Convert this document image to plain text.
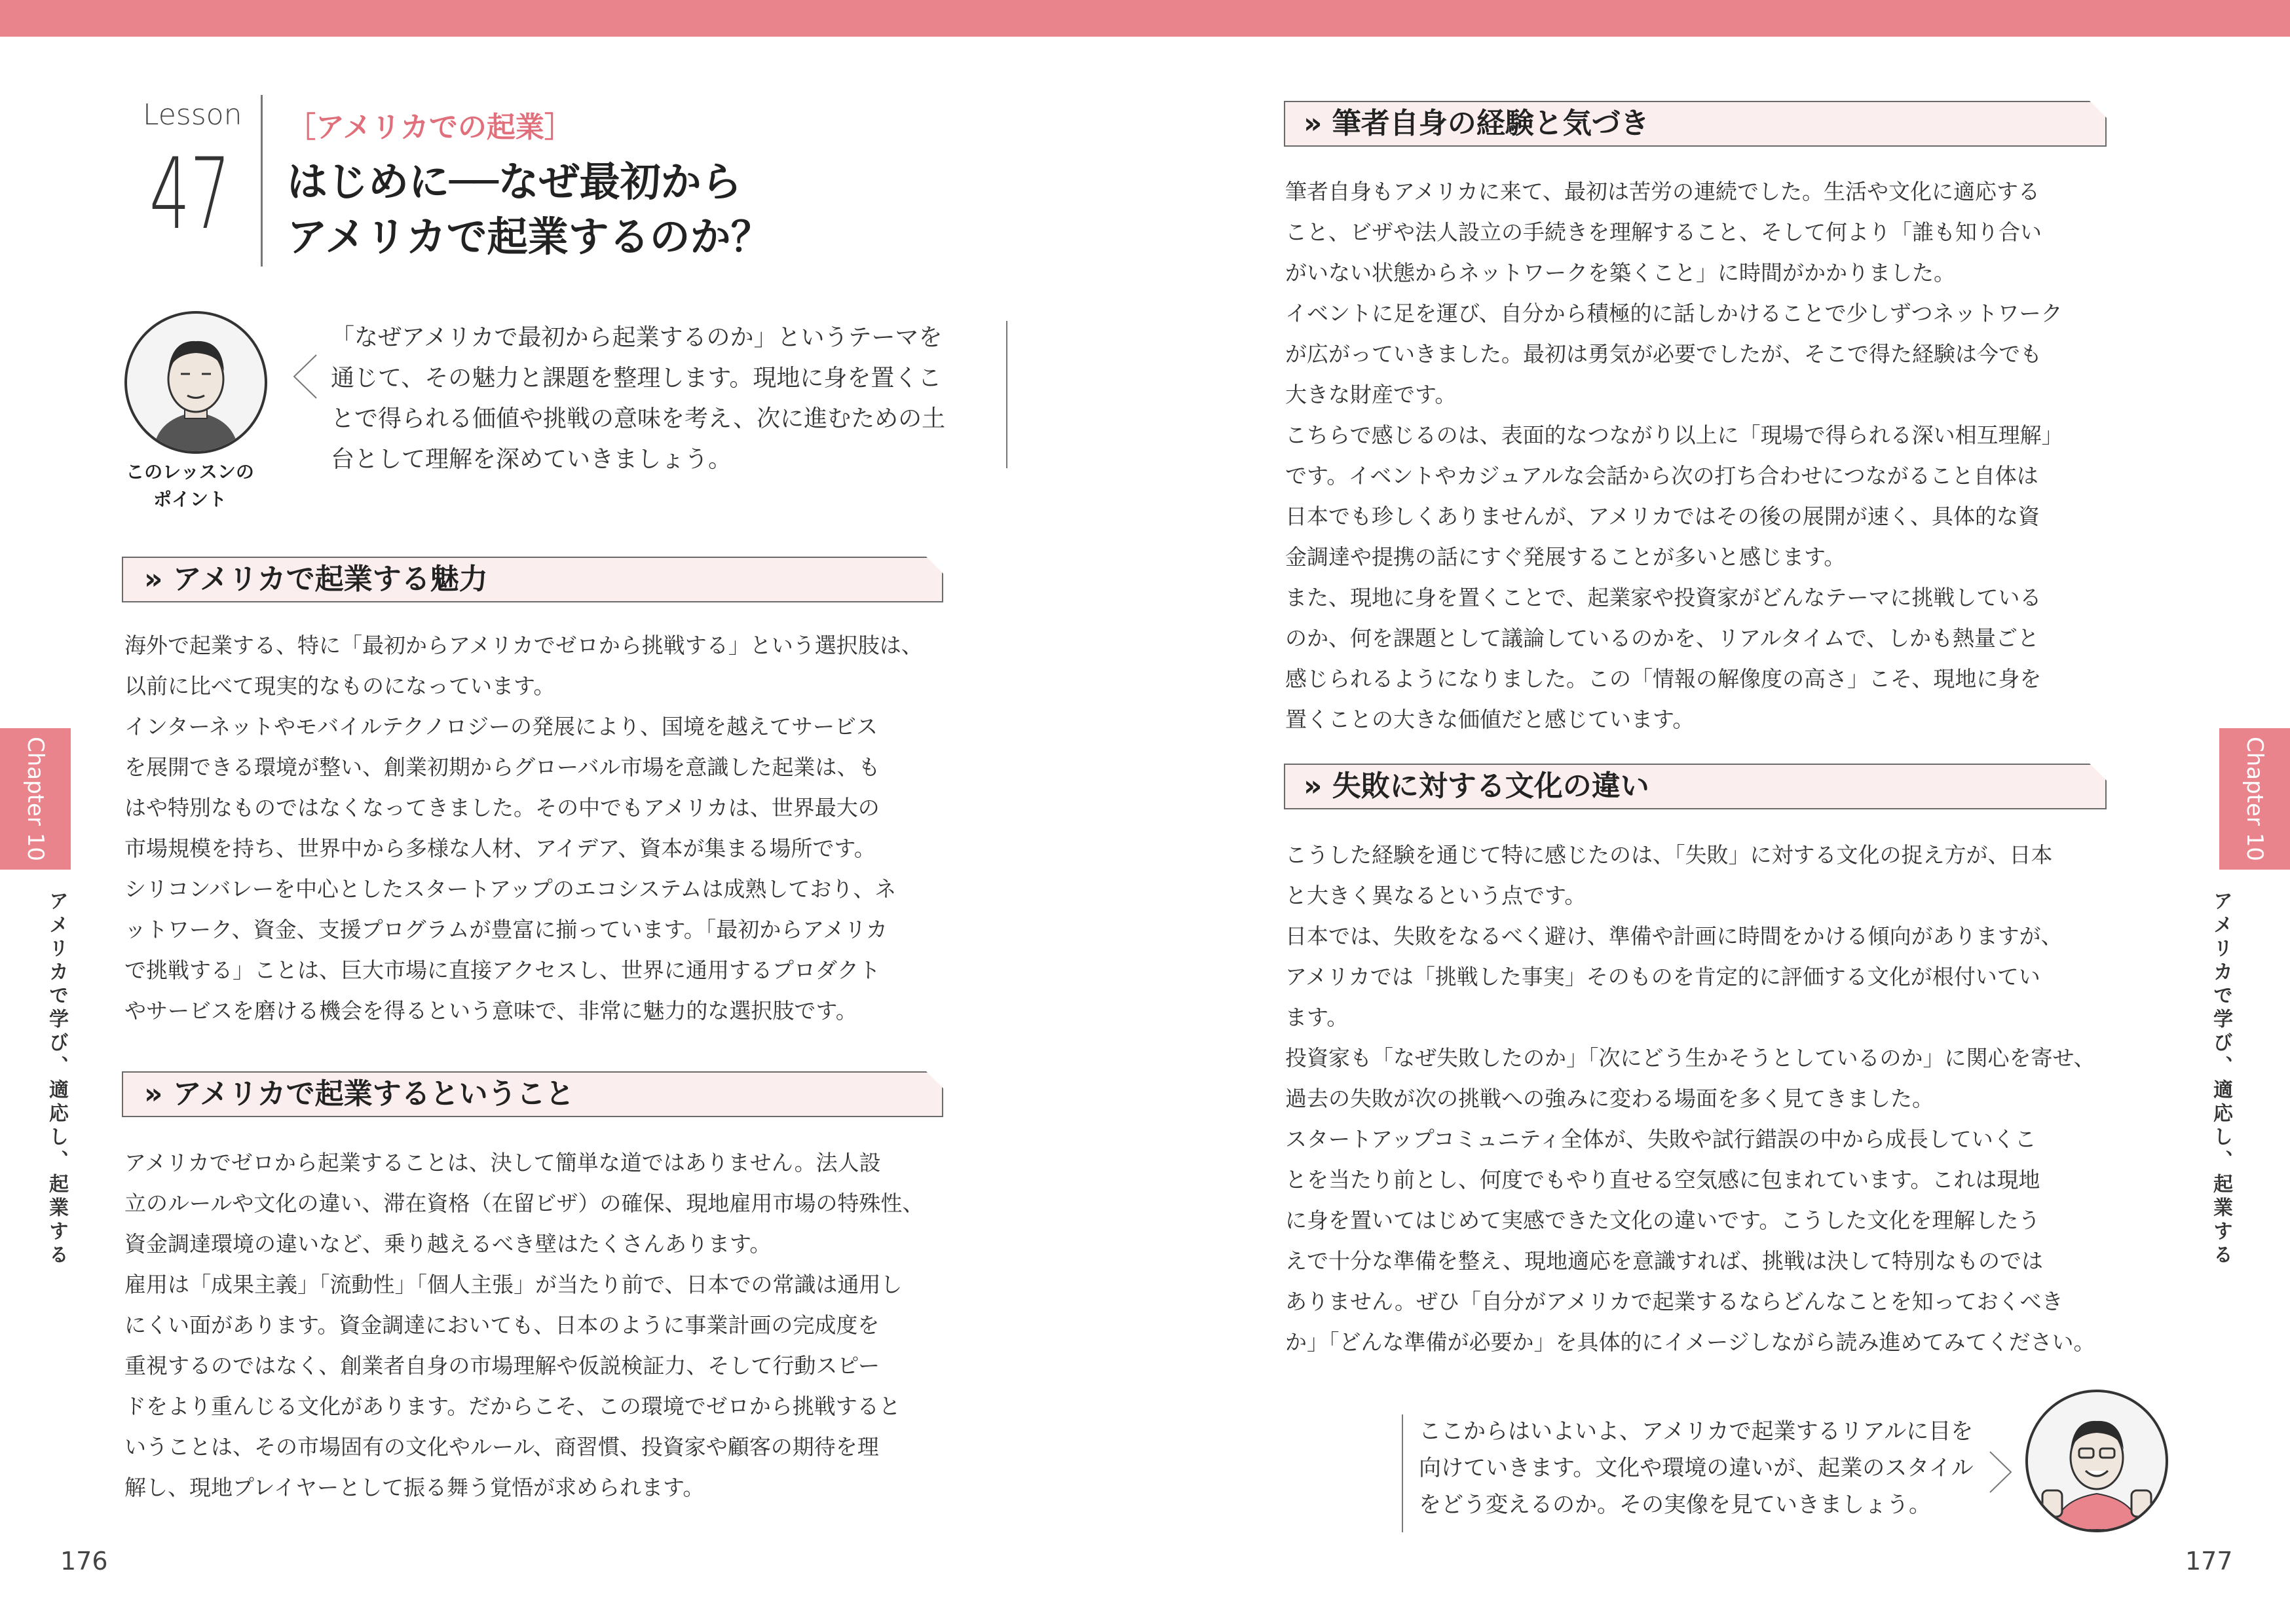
Lesson
47
［アメリカでの起業］
はじめに──なぜ最初から
アメリカで起業するのか？
このレッスンの
ポイント
「なぜアメリカで最初から起業するのか」というテーマを
通じて、その魅力と課題を整理します。現地に身を置くこ
とで得られる価値や挑戦の意味を考え、次に進むための土
台として理解を深めていきましょう。
» アメリカで起業する魅力

海外で起業する、特に「最初からアメリカでゼロから挑戦する」という選択肢は、

以前に比べて現実的なものになっています。

インターネットやモバイルテクノロジーの発展により、国境を越えてサービス

を展開できる環境が整い、創業初期からグローバル市場を意識した起業は、も

はや特別なものではなくなってきました。その中でもアメリカは、世界最大の

市場規模を持ち、世界中から多様な人材、アイデア、資本が集まる場所です。

シリコンバレーを中心としたスタートアップのエコシステムは成熟しており、ネ

ットワーク、資金、支援プログラムが豊富に揃っています。「最初からアメリカ

で挑戦する」ことは、巨大市場に直接アクセスし、世界に通用するプロダクト

やサービスを磨ける機会を得るという意味で、非常に魅力的な選択肢です。

» アメリカで起業するということ

アメリカでゼロから起業することは、決して簡単な道ではありません。法人設

立のルールや文化の違い、滞在資格（在留ビザ）の確保、現地雇用市場の特殊性、

資金調達環境の違いなど、乗り越えるべき壁はたくさんあります。

雇用は「成果主義」「流動性」「個人主張」が当たり前で、日本での常識は通用し

にくい面があります。資金調達においても、日本のように事業計画の完成度を

重視するのではなく、創業者自身の市場理解や仮説検証力、そして行動スピー

ドをより重んじる文化があります。だからこそ、この環境でゼロから挑戦すると

いうことは、その市場固有の文化やルール、商習慣、投資家や顧客の期待を理

解し、現地プレイヤーとして振る舞う覚悟が求められます。

Chapter 10
アメリカで学び、適応し、起業する
176
» 筆者自身の経験と気づき

筆者自身もアメリカに来て、最初は苦労の連続でした。生活や文化に適応する

こと、ビザや法人設立の手続きを理解すること、そして何より「誰も知り合い

がいない状態からネットワークを築くこと」に時間がかかりました。

イベントに足を運び、自分から積極的に話しかけることで少しずつネットワーク

が広がっていきました。最初は勇気が必要でしたが、そこで得た経験は今でも

大きな財産です。

こちらで感じるのは、表面的なつながり以上に「現場で得られる深い相互理解」

です。イベントやカジュアルな会話から次の打ち合わせにつながること自体は

日本でも珍しくありませんが、アメリカではその後の展開が速く、具体的な資

金調達や提携の話にすぐ発展することが多いと感じます。

また、現地に身を置くことで、起業家や投資家がどんなテーマに挑戦している

のか、何を課題として議論しているのかを、リアルタイムで、しかも熱量ごと

感じられるようになりました。この「情報の解像度の高さ」こそ、現地に身を

置くことの大きな価値だと感じています。

» 失敗に対する文化の違い

こうした経験を通じて特に感じたのは、「失敗」に対する文化の捉え方が、日本

と大きく異なるという点です。

日本では、失敗をなるべく避け、準備や計画に時間をかける傾向がありますが、

アメリカでは「挑戦した事実」そのものを肯定的に評価する文化が根付いてい

ます。

投資家も「なぜ失敗したのか」「次にどう生かそうとしているのか」に関心を寄せ、

過去の失敗が次の挑戦への強みに変わる場面を多く見てきました。

スタートアップコミュニティ全体が、失敗や試行錯誤の中から成長していくこ

とを当たり前とし、何度でもやり直せる空気感に包まれています。これは現地

に身を置いてはじめて実感できた文化の違いです。こうした文化を理解したう

えで十分な準備を整え、現地適応を意識すれば、挑戦は決して特別なものでは

ありません。ぜひ「自分がアメリカで起業するならどんなことを知っておくべき

か」「どんな準備が必要か」を具体的にイメージしながら読み進めてみてください。

ここからはいよいよ、アメリカで起業するリアルに目を
向けていきます。文化や環境の違いが、起業のスタイル
をどう変えるのか。その実像を見ていきましょう。
Chapter 10
アメリカで学び、適応し、起業する
177
